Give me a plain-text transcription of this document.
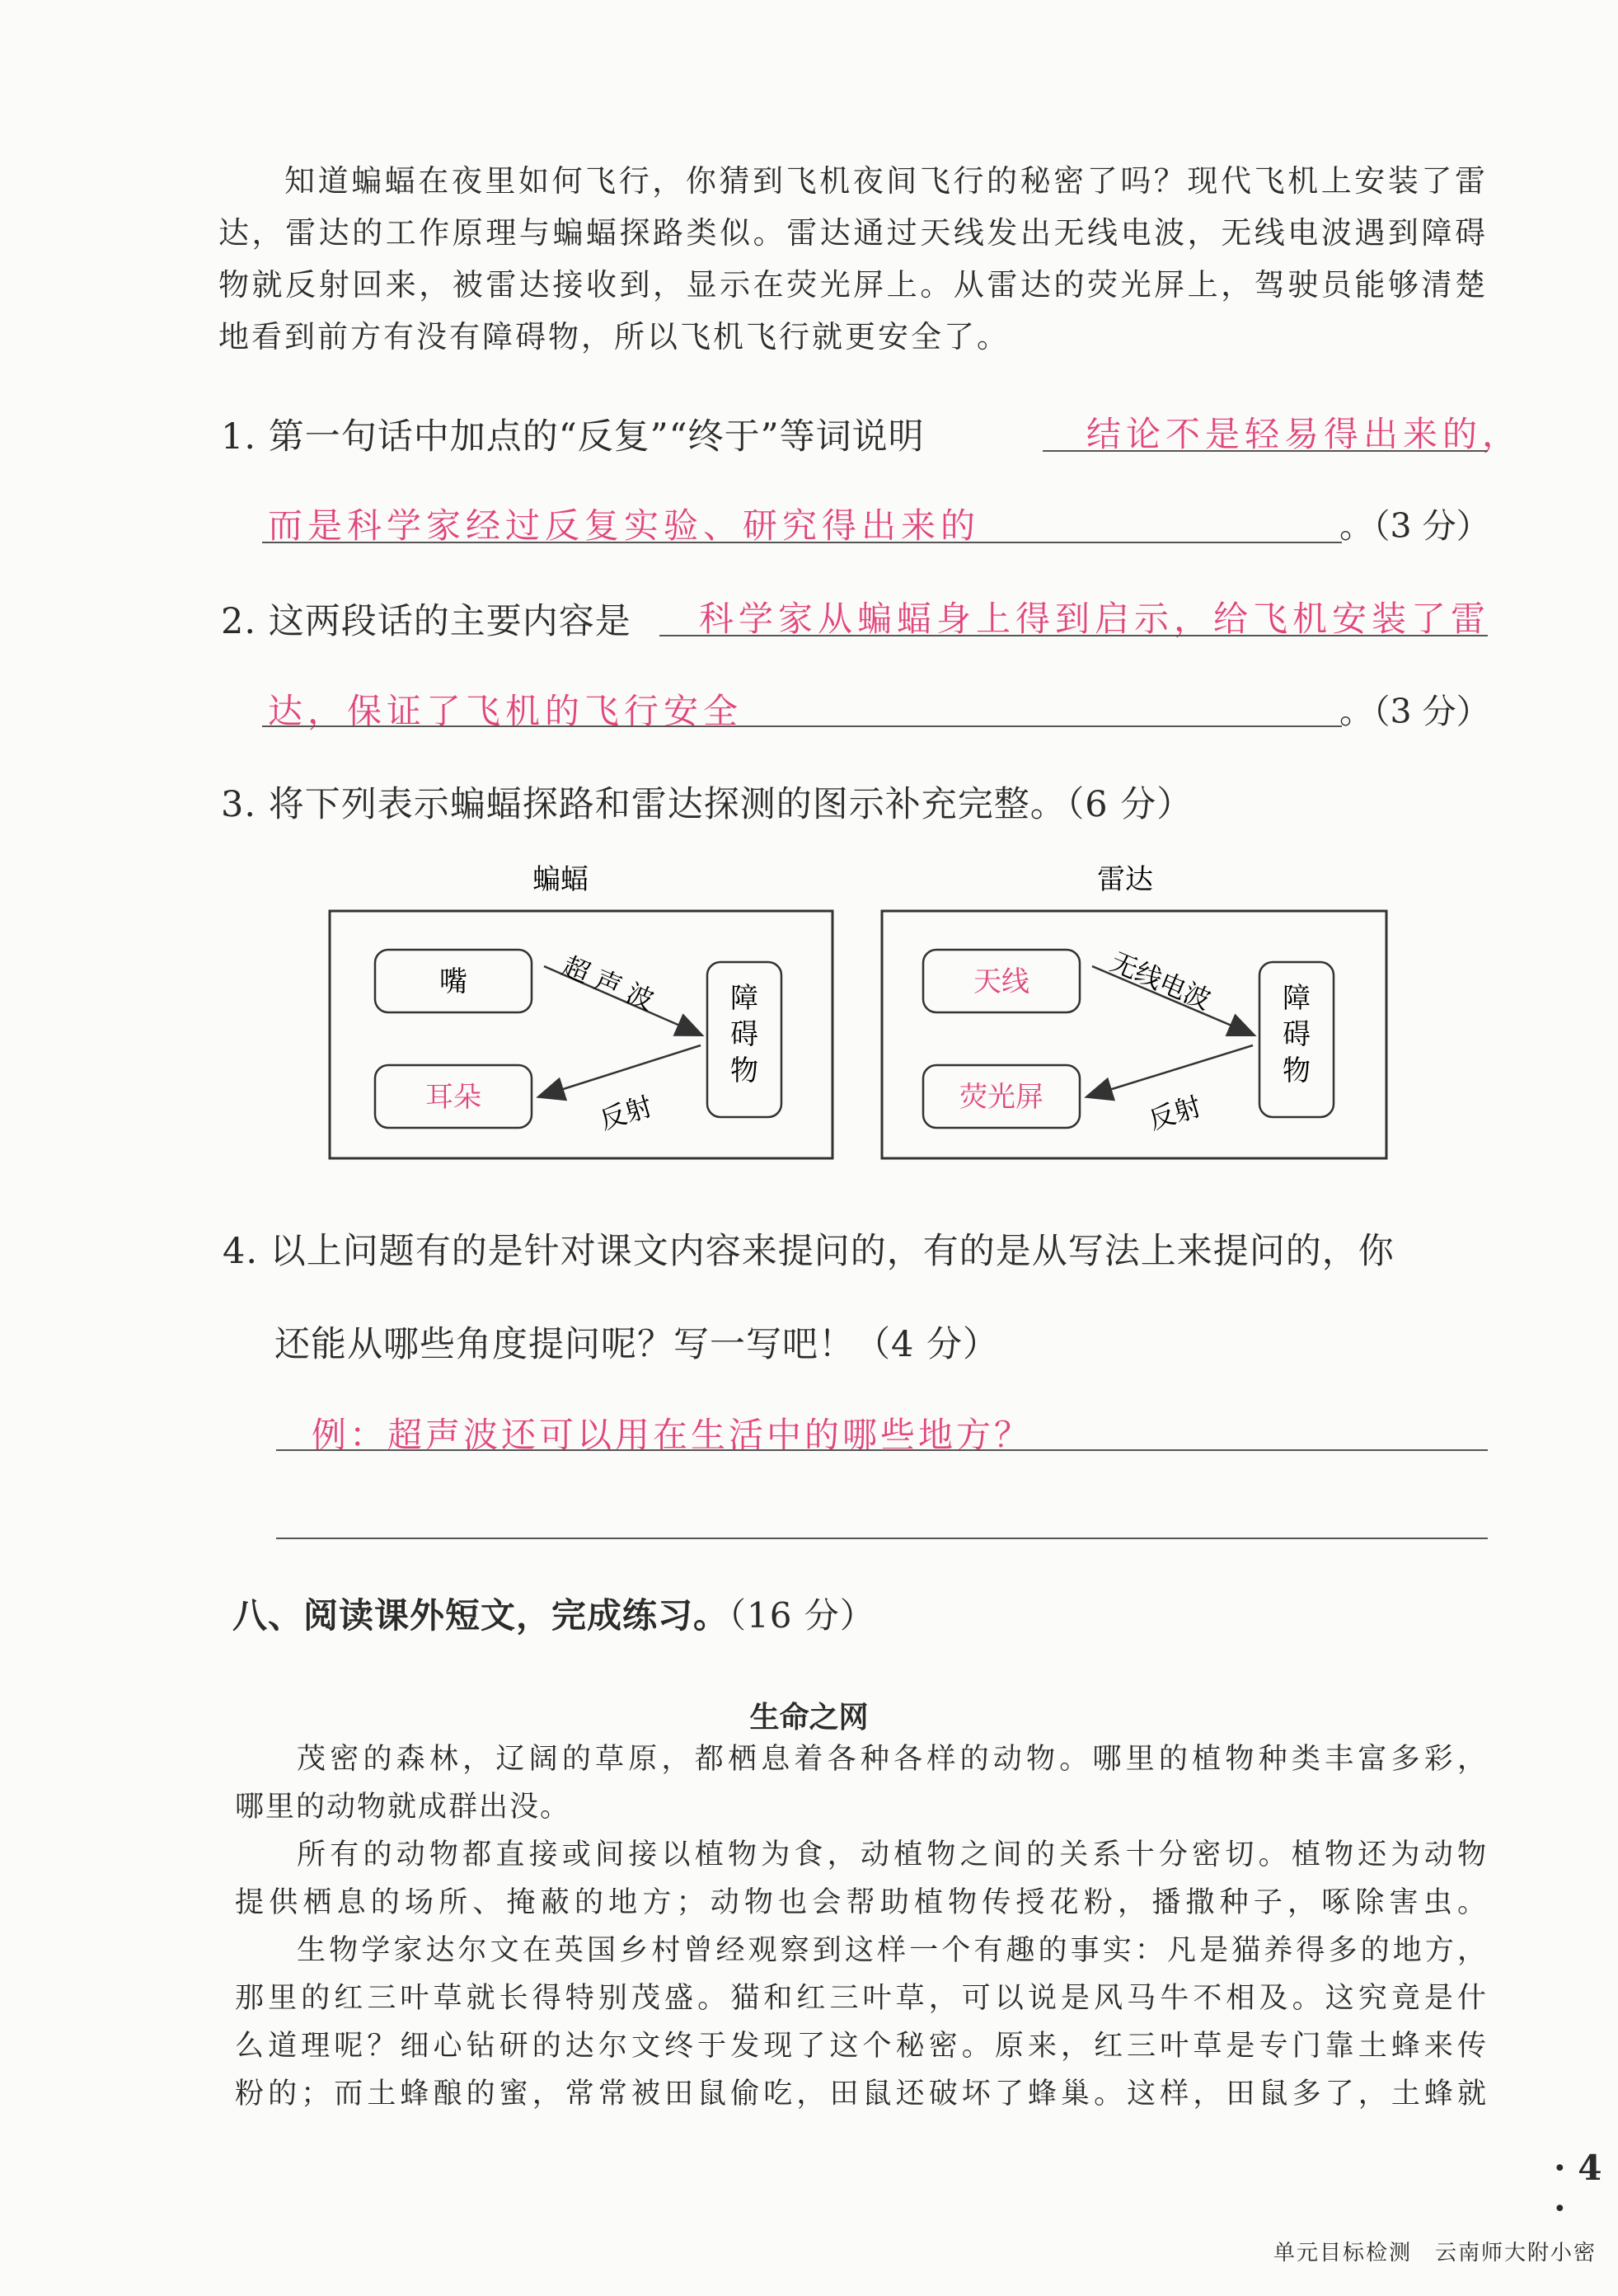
知道蝙蝠在夜里如何飞行，你猜到飞机夜间飞行的秘密了吗？现代飞机上安装了雷
达，雷达的工作原理与蝙蝠探路类似。雷达通过天线发出无线电波，无线电波遇到障碍
物就反射回来，被雷达接收到，显示在荧光屏上。从雷达的荧光屏上，驾驶员能够清楚
地看到前方有没有障碍物，所以飞机飞行就更安全了。
1. 第一句话中加点的“反复”“终于”等词说明	结论不是轻易得出来的，
而是科学家经过反复实验、研究得出来的	。（3 分）
2. 这两段话的主要内容是 科学家从蝙蝠身上得到启示，给飞机安装了雷
达，保证了飞机的飞行安全	。（3 分）
3. 将下列表示蝙蝠探路和雷达探测的图示补充完整。（6 分）
蝙蝠
嘴
耳朵
障
碍
物
超 声 波
反射
雷达
天线
荧光屏
障
碍
物
无线电波
反射
4. 以上问题有的是针对课文内容来提问的，有的是从写法上来提问的，你
还能从哪些角度提问呢？写一写吧！（4 分）
例：超声波还可以用在生活中的哪些地方？
八、阅读课外短文，完成练习。（16 分）
生命之网
茂密的森林，辽阔的草原，都栖息着各种各样的动物。哪里的植物种类丰富多彩，
哪里的动物就成群出没。
所有的动物都直接或间接以植物为食，动植物之间的关系十分密切。植物还为动物
提供栖息的场所、掩蔽的地方；动物也会帮助植物传授花粉，播撒种子，啄除害虫。
生物学家达尔文在英国乡村曾经观察到这样一个有趣的事实：凡是猫养得多的地方，
那里的红三叶草就长得特别茂盛。猫和红三叶草，可以说是风马牛不相及。这究竟是什
么道理呢？细心钻研的达尔文终于发现了这个秘密。原来，红三叶草是专门靠土蜂来传
粉的；而土蜂酿的蜜，常常被田鼠偷吃，田鼠还破坏了蜂巢。这样，田鼠多了，土蜂就
· 4 ·
单元目标检测　云南师大附小密
